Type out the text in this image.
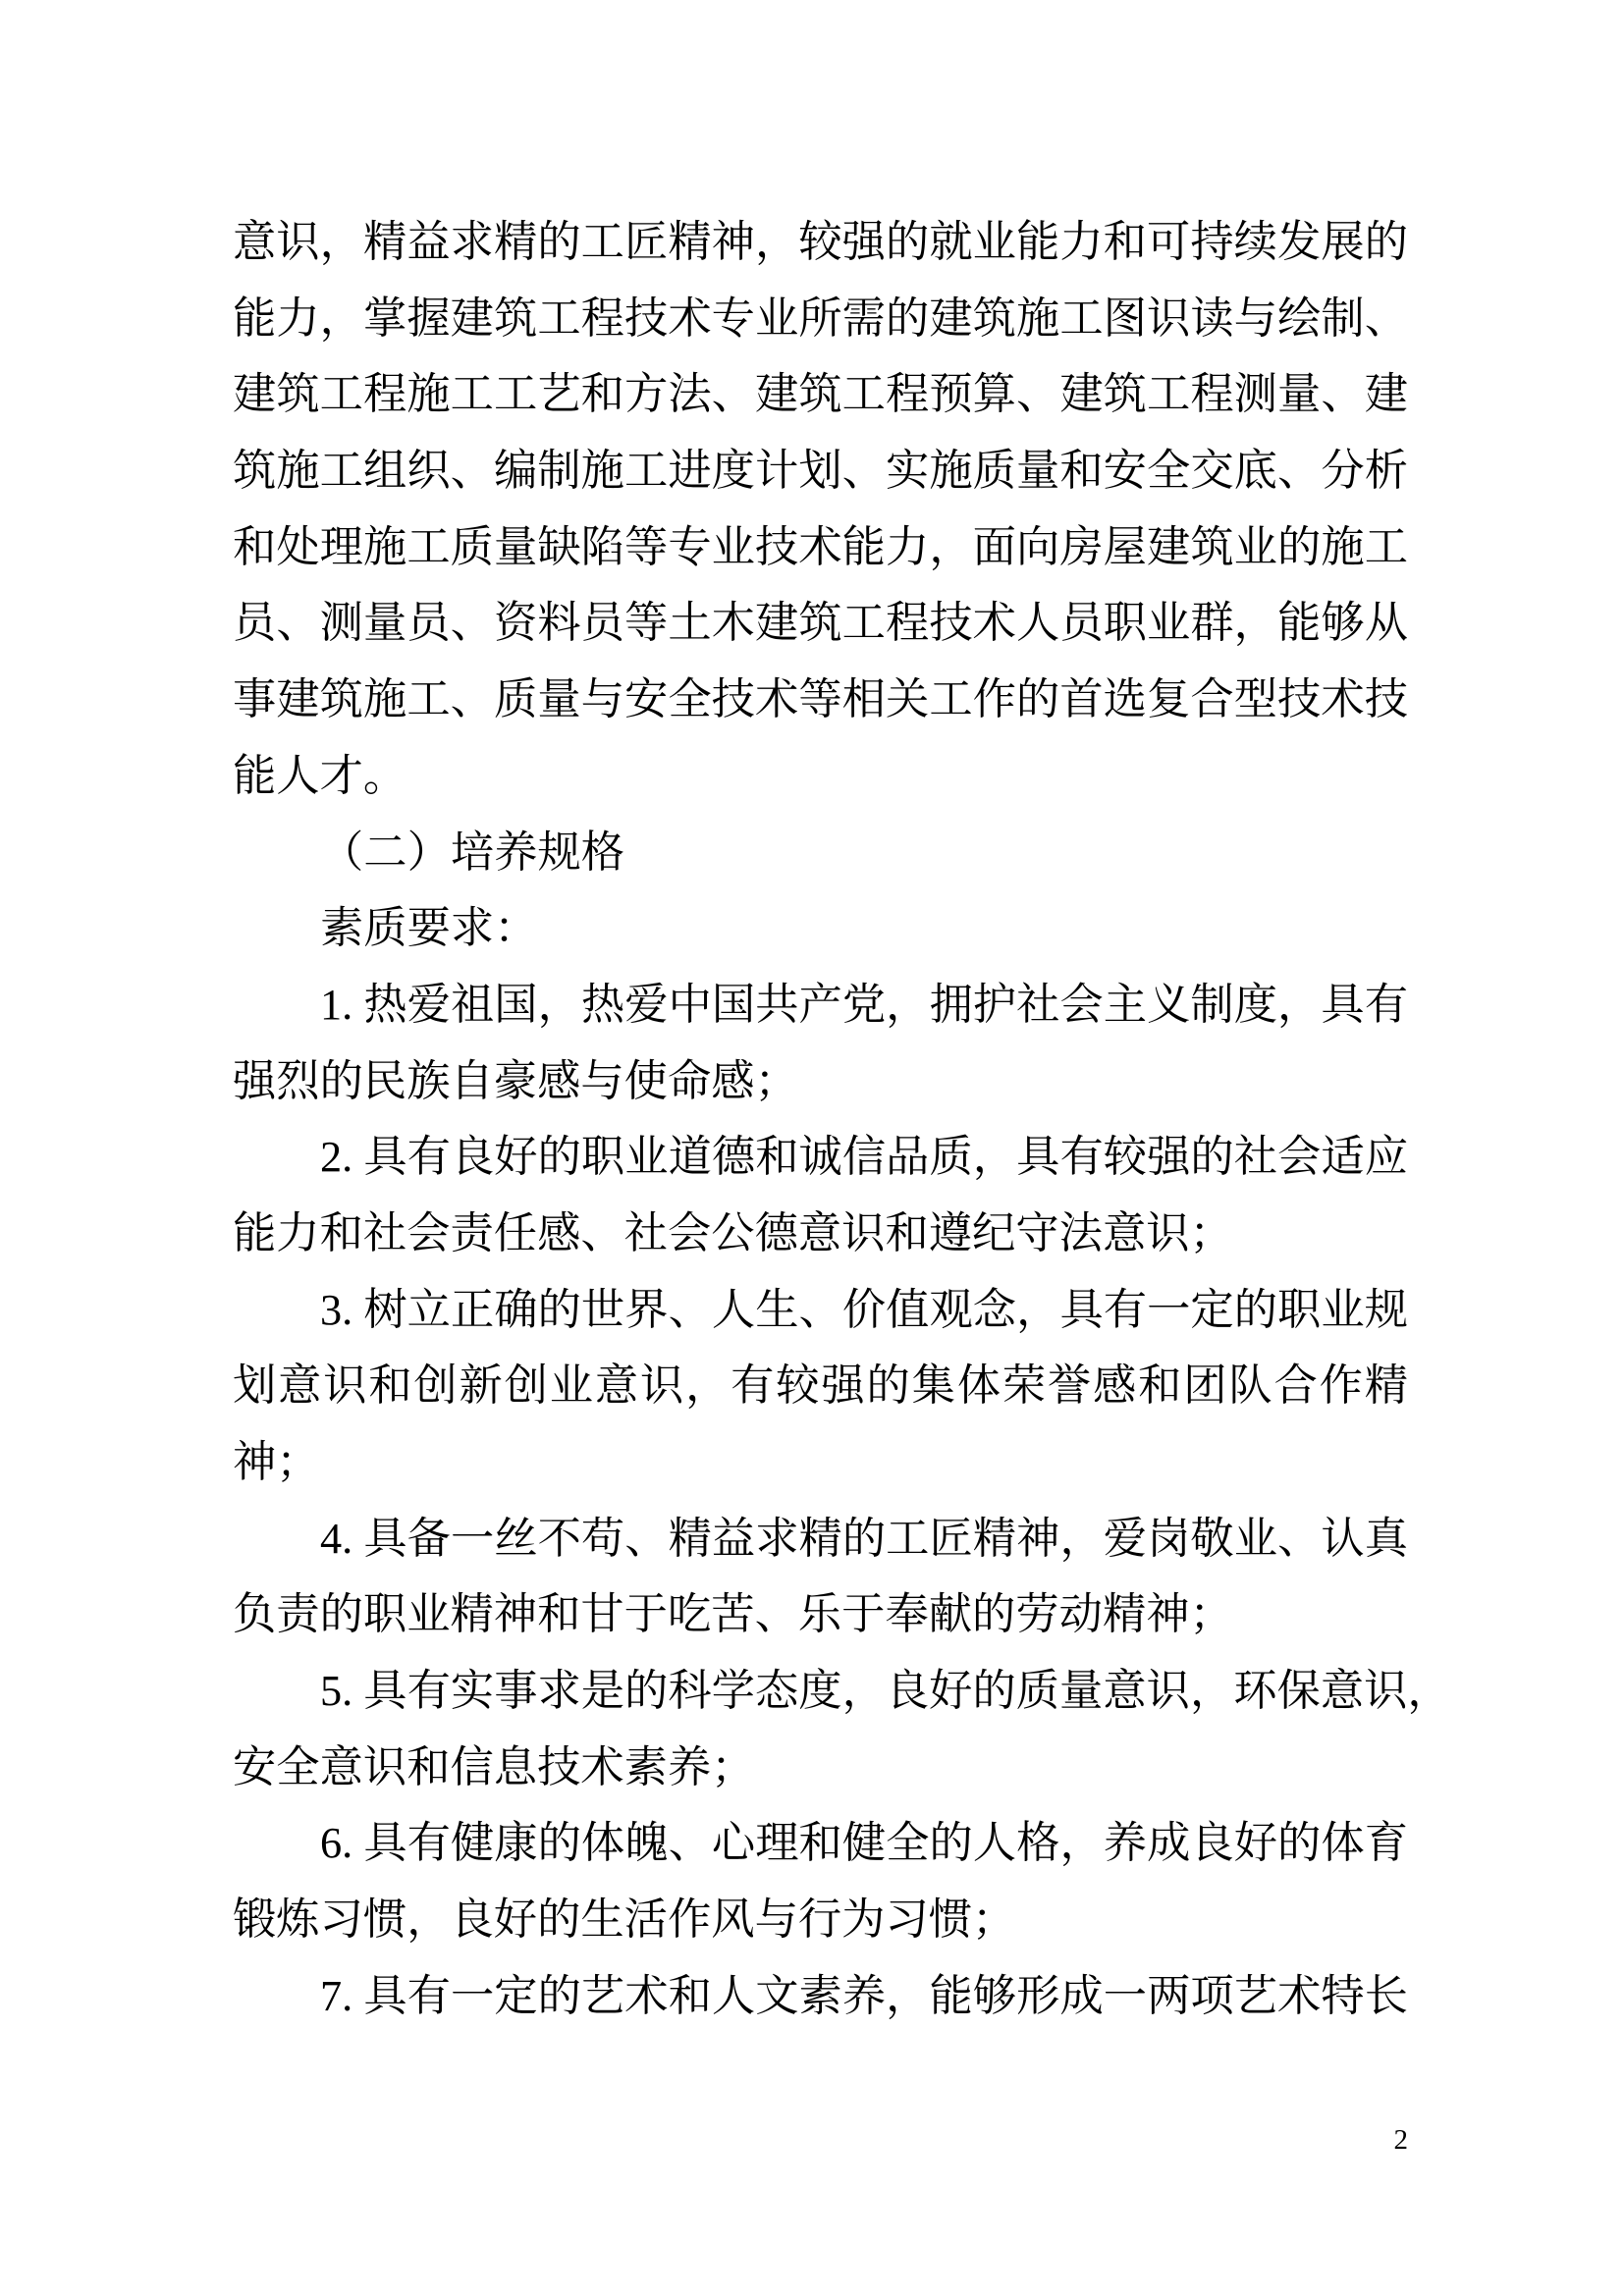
意识，精益求精的工匠精神，较强的就业能力和可持续发展的
能力，掌握建筑工程技术专业所需的建筑施工图识读与绘制、
建筑工程施工工艺和方法、建筑工程预算、建筑工程测量、建
筑施工组织、编制施工进度计划、实施质量和安全交底、分析
和处理施工质量缺陷等专业技术能力，面向房屋建筑业的施工
员、测量员、资料员等土木建筑工程技术人员职业群，能够从
事建筑施工、质量与安全技术等相关工作的首选复合型技术技
能人才。
（二）培养规格
素质要求：
1. 热爱祖国，热爱中国共产党，拥护社会主义制度，具有
强烈的民族自豪感与使命感；
2. 具有良好的职业道德和诚信品质，具有较强的社会适应
能力和社会责任感、社会公德意识和遵纪守法意识；
3. 树立正确的世界、人生、价值观念，具有一定的职业规
划意识和创新创业意识，有较强的集体荣誉感和团队合作精
神；
4. 具备一丝不苟、精益求精的工匠精神，爱岗敬业、认真
负责的职业精神和甘于吃苦、乐于奉献的劳动精神；
5. 具有实事求是的科学态度，良好的质量意识，环保意识，
安全意识和信息技术素养；
6. 具有健康的体魄、心理和健全的人格，养成良好的体育
锻炼习惯，良好的生活作风与行为习惯；
7. 具有一定的艺术和人文素养，能够形成一两项艺术特长
2
